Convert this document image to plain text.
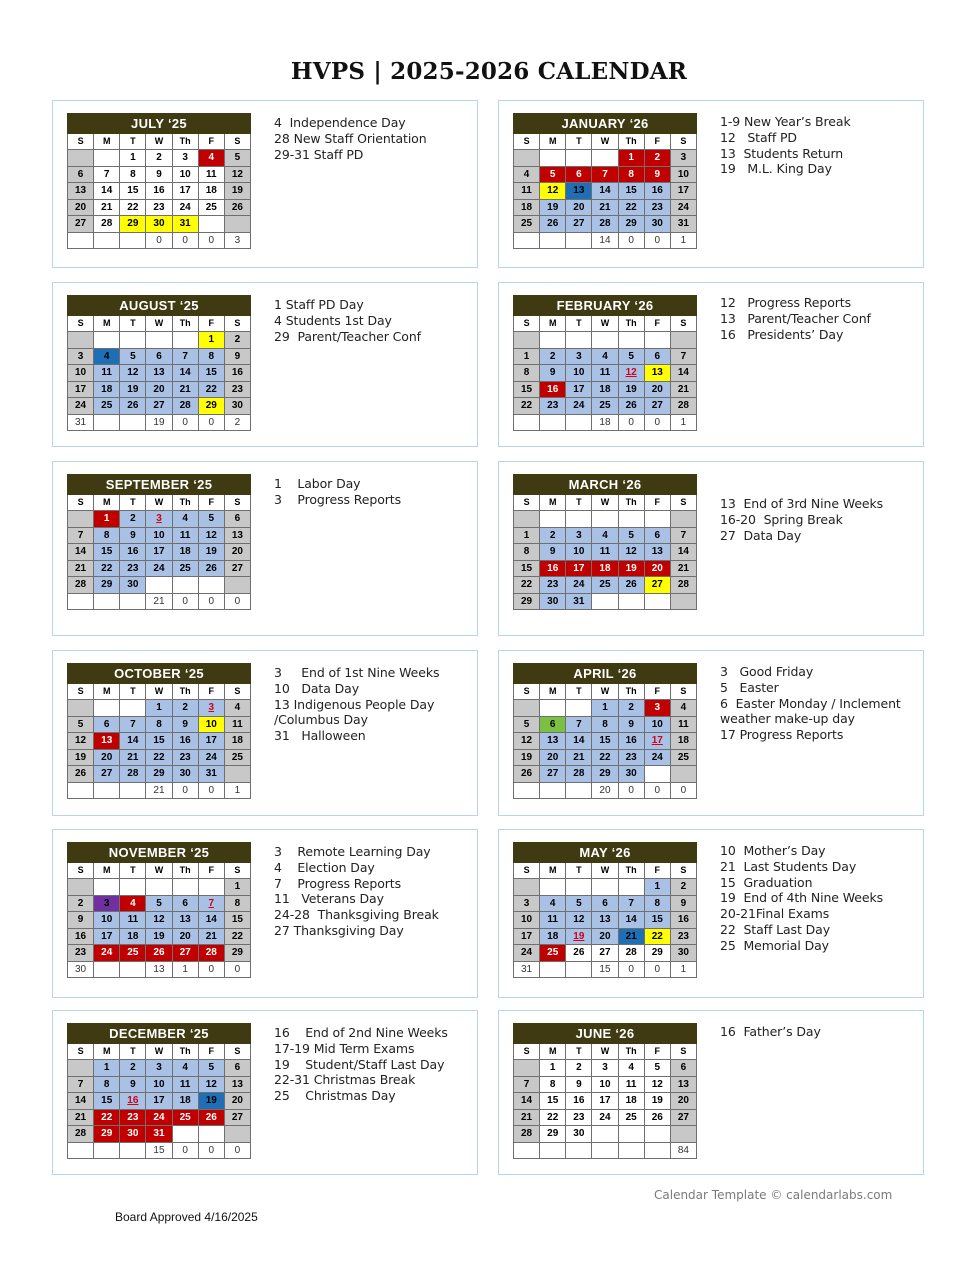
HVPS | 2025-2026 CALENDAR
JULY ‘25						
S	M	T	W	Th	F	S
		1	2	3	4	5
6	7	8	9	10	11	12
13	14	15	16	17	18	19
20	21	22	23	24	25	26
27	28	29	30	31		
			0	0	0	3
4  Independence Day
28 New Staff Orientation
29-31 Staff PD
JANUARY ‘26						
S	M	T	W	Th	F	S
				1	2	3
4	5	6	7	8	9	10
11	12	13	14	15	16	17
18	19	20	21	22	23	24
25	26	27	28	29	30	31
			14	0	0	1
1-9 New Year’s Break
12   Staff PD
13  Students Return
19   M.L. King Day
AUGUST ‘25						
S	M	T	W	Th	F	S
					1	2
3	4	5	6	7	8	9
10	11	12	13	14	15	16
17	18	19	20	21	22	23
24	25	26	27	28	29	30
31			19	0	0	2
1 Staff PD Day
4 Students 1st Day
29  Parent/Teacher Conf
FEBRUARY ‘26						
S	M	T	W	Th	F	S

1	2	3	4	5	6	7
8	9	10	11	12	13	14
15	16	17	18	19	20	21
22	23	24	25	26	27	28
			18	0	0	1
12   Progress Reports
13   Parent/Teacher Conf
16   Presidents’ Day
SEPTEMBER ‘25						
S	M	T	W	Th	F	S
	1	2	3	4	5	6
7	8	9	10	11	12	13
14	15	16	17	18	19	20
21	22	23	24	25	26	27
28	29	30				
			21	0	0	0
1    Labor Day
3    Progress Reports
MARCH ‘26						
S	M	T	W	Th	F	S

1	2	3	4	5	6	7
8	9	10	11	12	13	14
15	16	17	18	19	20	21
22	23	24	25	26	27	28
29	30	31				
13  End of 3rd Nine Weeks
16-20  Spring Break
27  Data Day
OCTOBER ‘25						
S	M	T	W	Th	F	S
			1	2	3	4
5	6	7	8	9	10	11
12	13	14	15	16	17	18
19	20	21	22	23	24	25
26	27	28	29	30	31	
			21	0	0	1
3     End of 1st Nine Weeks
10   Data Day
13 Indigenous People Day
/Columbus Day
31   Halloween
APRIL ‘26						
S	M	T	W	Th	F	S
			1	2	3	4
5	6	7	8	9	10	11
12	13	14	15	16	17	18
19	20	21	22	23	24	25
26	27	28	29	30		
			20	0	0	0
3   Good Friday
5   Easter
6  Easter Monday / Inclement
weather make-up day
17 Progress Reports
NOVEMBER ‘25						
S	M	T	W	Th	F	S
						1
2	3	4	5	6	7	8
9	10	11	12	13	14	15
16	17	18	19	20	21	22
23	24	25	26	27	28	29
30			13	1	0	0
3    Remote Learning Day
4    Election Day
7    Progress Reports
11   Veterans Day
24-28  Thanksgiving Break
27 Thanksgiving Day
MAY ‘26						
S	M	T	W	Th	F	S
					1	2
3	4	5	6	7	8	9
10	11	12	13	14	15	16
17	18	19	20	21	22	23
24	25	26	27	28	29	30
31			15	0	0	1
10  Mother’s Day
21  Last Students Day
15  Graduation
19  End of 4th Nine Weeks
20-21Final Exams
22  Staff Last Day
25  Memorial Day
DECEMBER ‘25						
S	M	T	W	Th	F	S
	1	2	3	4	5	6
7	8	9	10	11	12	13
14	15	16	17	18	19	20
21	22	23	24	25	26	27
28	29	30	31			
			15	0	0	0
16    End of 2nd Nine Weeks
17-19 Mid Term Exams
19    Student/Staff Last Day
22-31 Christmas Break
25    Christmas Day
JUNE ‘26						
S	M	T	W	Th	F	S
	1	2	3	4	5	6
7	8	9	10	11	12	13
14	15	16	17	18	19	20
21	22	23	24	25	26	27
28	29	30				
						84
16  Father’s Day
Calendar Template © calendarlabs.com
Board Approved 4/16/2025
